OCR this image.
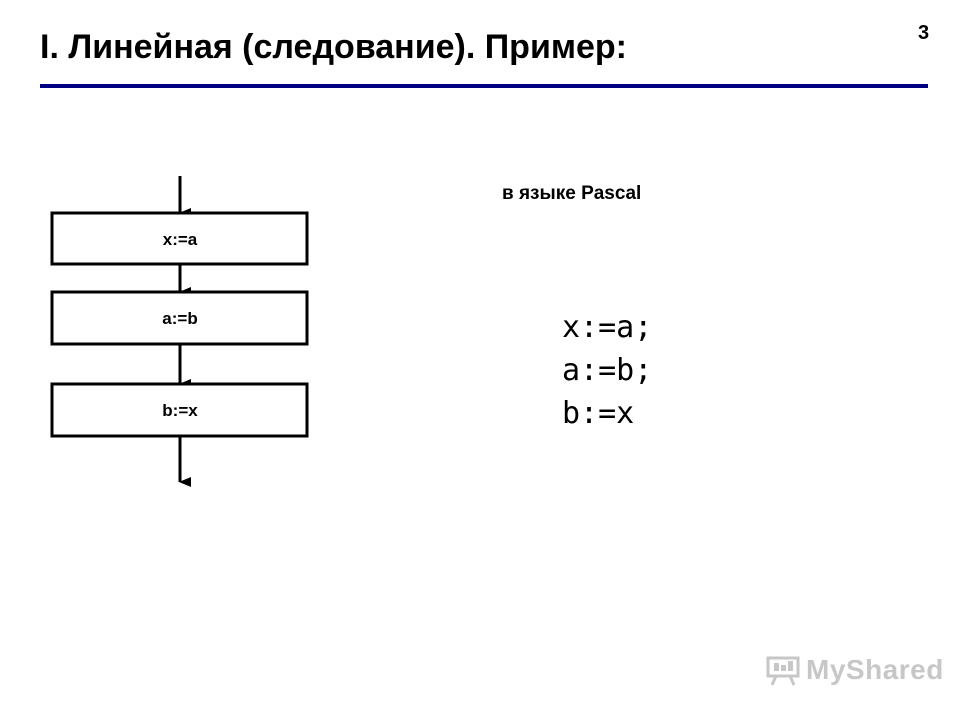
3
I. Линейная (следование). Пример:
x:=a
a:=b
b:=x
в языке Pascal
x:=a;
a:=b;
b:=x
MyShared
